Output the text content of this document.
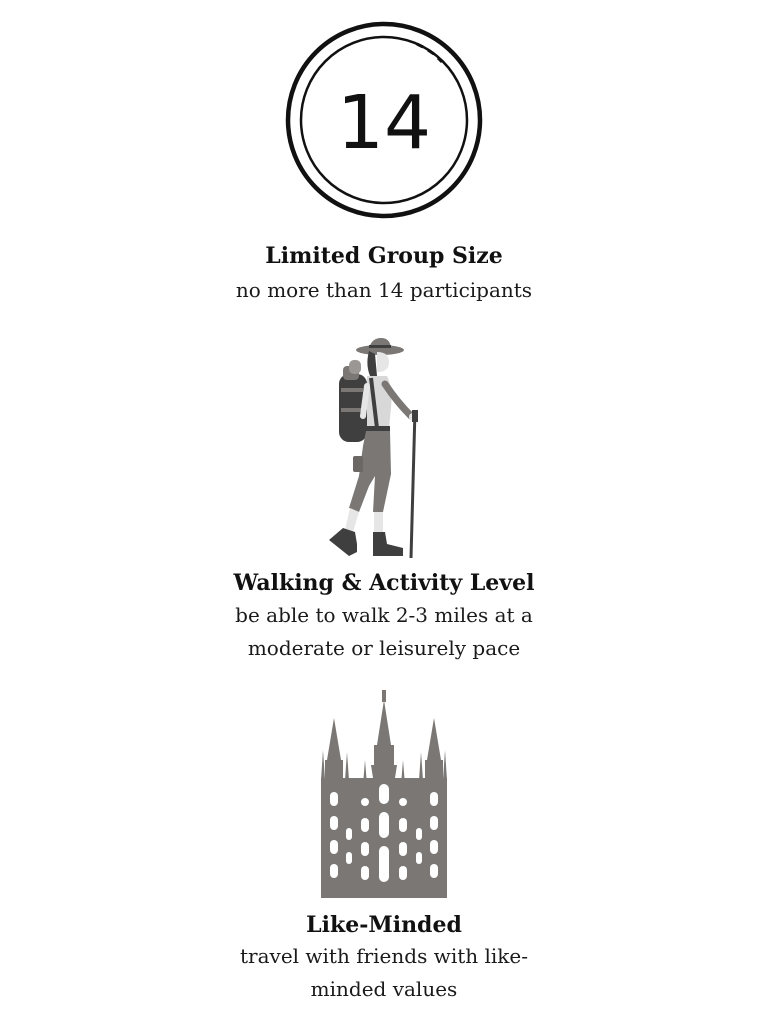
14

Limited Group Size

no more than 14 participants

Walking & Activity Level

be able to walk 2-3 miles at a moderate or leisurely pace

Like-Minded

travel with friends with like-minded values
